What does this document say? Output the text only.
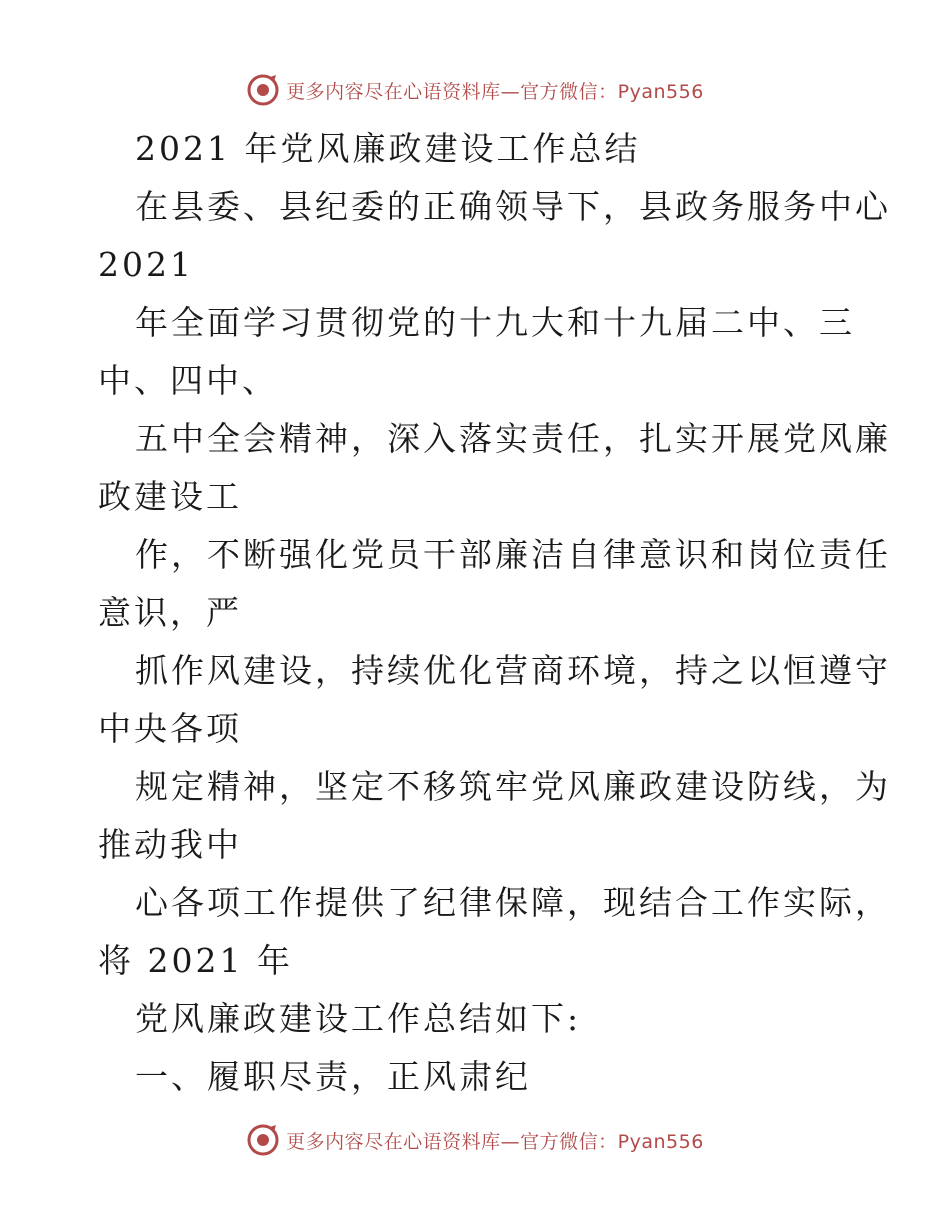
更多内容尽在心语资料库—官方微信：Pyan556
2021 年党风廉政建设工作总结
在县委、县纪委的正确领导下，县政务服务中心
2021
年全面学习贯彻党的十九大和十九届二中、三
中、四中、
五中全会精神，深入落实责任，扎实开展党风廉
政建设工
作，不断强化党员干部廉洁自律意识和岗位责任
意识，严
抓作风建设，持续优化营商环境，持之以恒遵守
中央各项
规定精神，坚定不移筑牢党风廉政建设防线，为
推动我中
心各项工作提供了纪律保障，现结合工作实际，
将 2021 年
党风廉政建设工作总结如下:
一、履职尽责，正风肃纪
更多内容尽在心语资料库—官方微信：Pyan556
